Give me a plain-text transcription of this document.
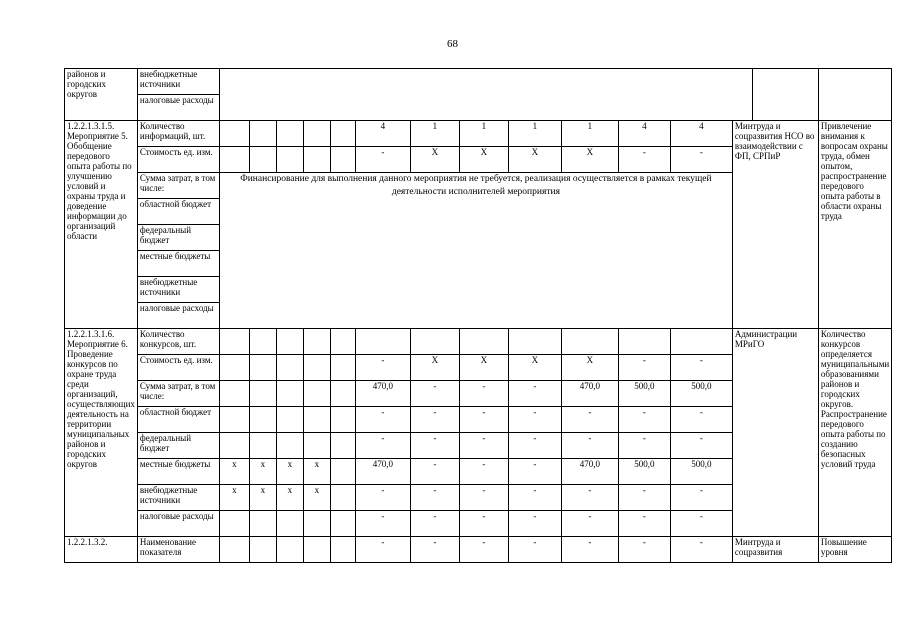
68
районов и городских округов	внебюджетные источники															
	налоговые расходы															
1.2.2.1.3.1.5. Мероприятие 5. Обобщение передового опыта работы по улучшению условий и охраны труда и доведение информации до организаций области	Количество информаций, шт.						4	1	1	1	1	4	4	Минтруда и соцразвития НСО во взаимодействии с ФП, СРПиР		Привлечение внимания к вопросам охраны труда, обмен опытом, распространение передового опыта работы в области охраны труда
	Стоимость ед. изм.						-	Х	Х	Х	Х	-	-			
	Сумма затрат, в том числе:	Финансирование для выполнения данного мероприятия не требуется, реализация осуществляется в рамках текущей деятельности исполнителей мероприятия														
	областной бюджет															
	федеральный бюджет															
	местные бюджеты															
	внебюджетные источники															
	налоговые расходы															
1.2.2.1.3.1.6. Мероприятие 6. Проведение конкурсов по охране труда среди организаций, осуществляющих деятельность на территории муниципальных районов и городских округов	Количество конкурсов, шт.													Администрации МРиГО		Количество конкурсов определяется муниципальными образованиями районов и городских округов. Распространение передового опыта работы по созданию безопасных условий труда
	Стоимость ед. изм.						-	Х	Х	Х	Х	-	-			
	Сумма затрат, в том числе:						470,0	-	-	-	470,0	500,0	500,0			
	областной бюджет						-	-	-	-	-	-	-			
	федеральный бюджет						-	-	-	-	-	-	-			
	местные бюджеты	х	х	х	х		470,0	-	-	-	470,0	500,0	500,0			
	внебюджетные источники	х	х	х	х		-	-	-	-	-	-	-			
	налоговые расходы						-	-	-	-	-	-	-			
1.2.2.1.3.2.	Наименование показателя						-	-	-	-	-	-	-	Минтруда и соцразвития		Повышение уровня
